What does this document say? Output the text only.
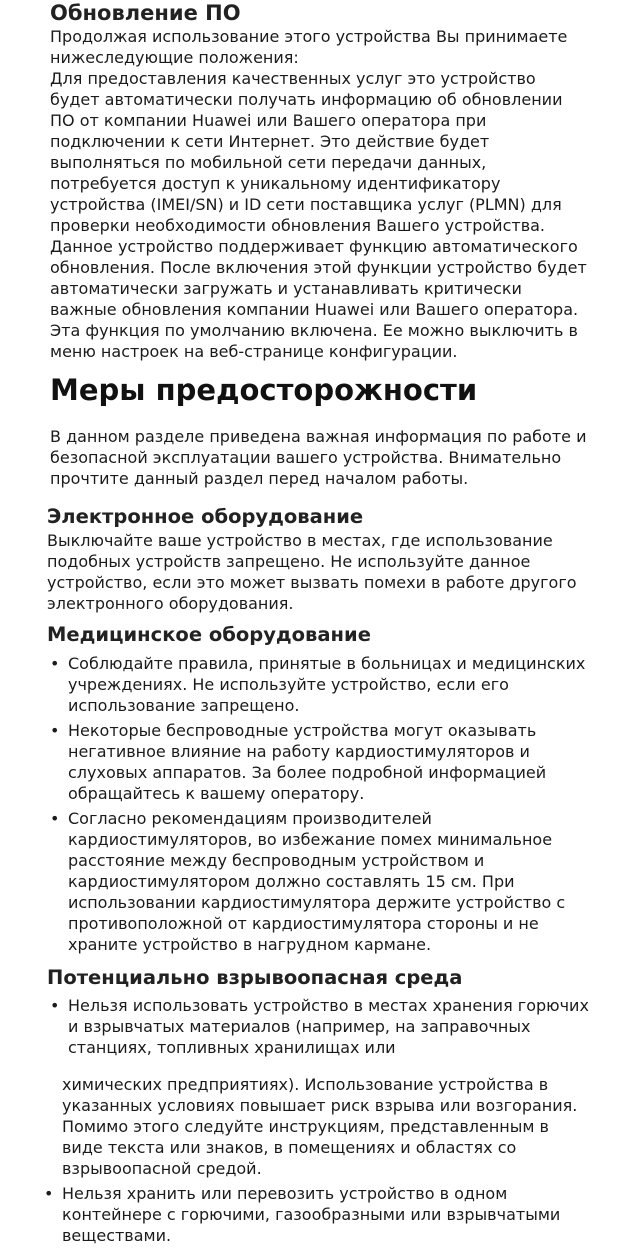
Обновление ПО

Продолжая использование этого устройства Вы принимаете нижеследующие положения:

Для предоставления качественных услуг это устройство будет автоматически получать информацию об обновлении ПО от компании Huawei или Вашего оператора при подключении к сети Интернет. Это действие будет выполняться по мобильной сети передачи данных, потребуется доступ к уникальному идентификатору устройства (IMEI/SN) и ID сети поставщика услуг (PLMN) для проверки необходимости обновления Вашего устройства.

Данное устройство поддерживает функцию автоматического обновления. После включения этой функции устройство будет автоматически загружать и устанавливать критически важные обновления компании Huawei или Вашего оператора. Эта функция по умолчанию включена. Ее можно выключить в меню настроек на веб-странице конфигурации.

Меры предосторожности

В данном разделе приведена важная информация по работе и безопасной эксплуатации вашего устройства. Внимательно прочтите данный раздел перед началом работы.

Электронное оборудование

Выключайте ваше устройство в местах, где использование подобных устройств запрещено. Не используйте данное устройство, если это может вызвать помехи в работе другого электронного оборудования.

Медицинское оборудование
• Соблюдайте правила, принятые в больницах и медицинских учреждениях. Не используйте устройство, если его использование запрещено.
• Некоторые беспроводные устройства могут оказывать негативное влияние на работу кардиостимуляторов и слуховых аппаратов. За более подробной информацией обращайтесь к вашему оператору.
• Согласно рекомендациям производителей кардиостимуляторов, во избежание помех минимальное расстояние между беспроводным устройством и кардиостимулятором должно составлять 15 см. При использовании кардиостимулятора держите устройство с противоположной от кардиостимулятора стороны и не храните устройство в нагрудном кармане.
Потенциально взрывоопасная среда
• Нельзя использовать устройство в местах хранения горючих и взрывчатых материалов (например, на заправочных станциях, топливных хранилищах или

химических предприятиях). Использование устройства в указанных условиях повышает риск взрыва или возгорания. Помимо этого следуйте инструкциям, представленным в виде текста или знаков, в помещениях и областях со взрывоопасной средой.

• Нельзя хранить или перевозить устройство в одном контейнере с горючими, газообразными или взрывчатыми веществами.
